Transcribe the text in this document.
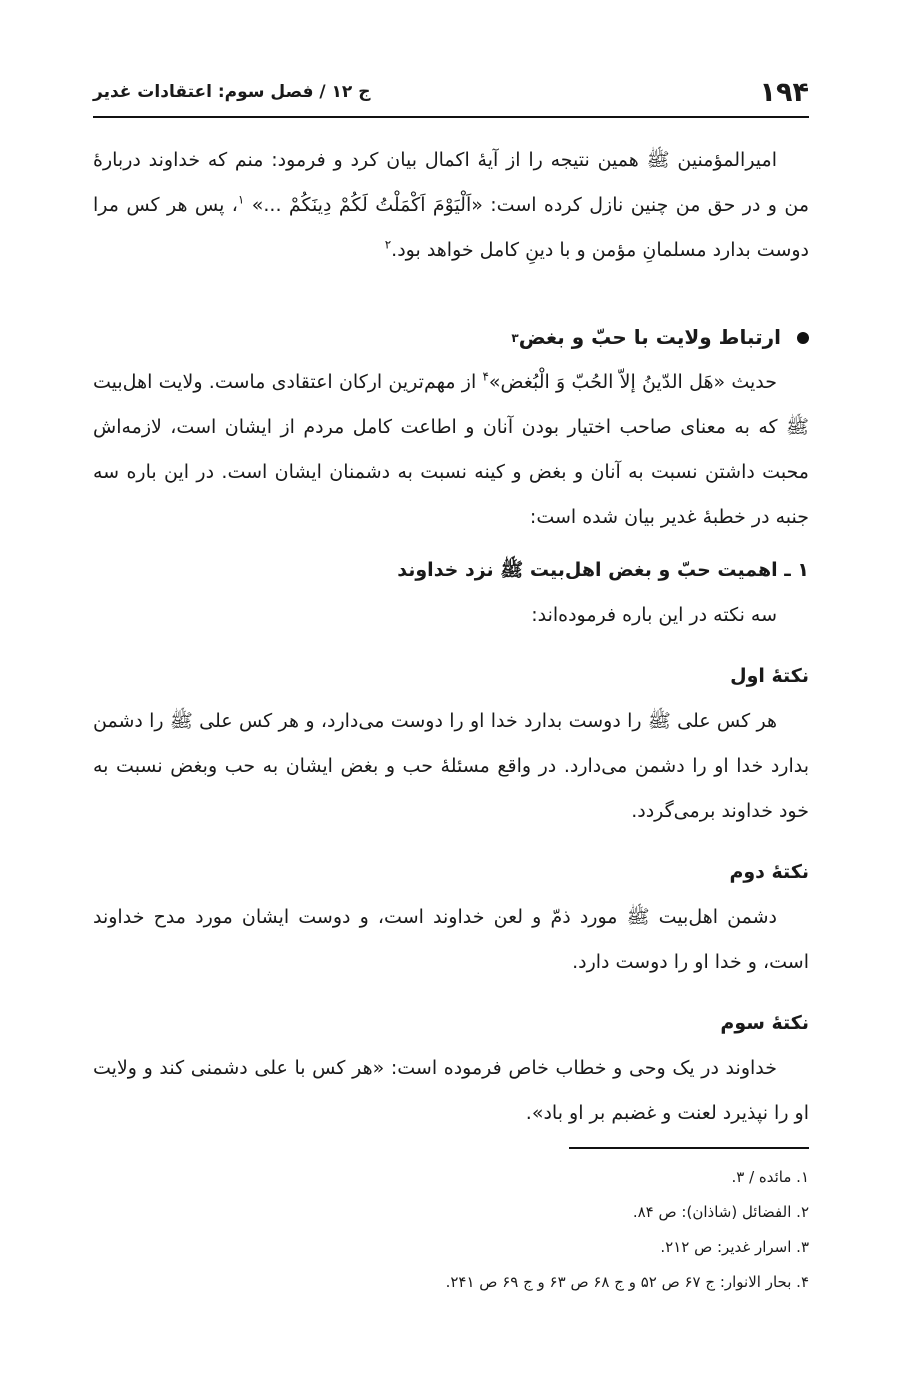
۱۹۴
ج ۱۲ / فصل سوم: اعتقادات غدیر

امیرالمؤمنین ﷺ همین نتیجه را از آیهٔ اکمال بیان کرد و فرمود: منم که خداوند دربارهٔ من و در حق من چنین نازل کرده است: «اَلْیَوْمَ اَکْمَلْتُ لَکُمْ دِینَکُمْ ...» $^۱$، پس هر کس مرا دوست بدارد مسلمانِ مؤمن و با دینِ کامل خواهد بود.$^۲$

ارتباط ولایت با حبّ و بغض
۳

حدیث «هَل الدّینُ إلاّ الحُبّ وَ الْبُغض»$^۴$ از مهم‌ترین ارکان اعتقادی ماست. ولایت اهل‌بیت ﷺ که به معنای صاحب اختیار بودن آنان و اطاعت کامل مردم از ایشان است، لازمه‌اش محبت داشتن نسبت به آنان و بغض و کینه نسبت به دشمنان ایشان است. در این باره سه جنبه در خطبهٔ غدیر بیان شده است:

۱ ـ اهمیت حبّ و بغض اهل‌بیت ﷺ نزد خداوند

سه نکته در این باره فرموده‌اند:

نکتهٔ اول

هر کس علی ﷺ را دوست بدارد خدا او را دوست می‌دارد، و هر کس علی ﷺ را دشمن بدارد خدا او را دشمن می‌دارد. در واقع مسئلهٔ حب و بغض ایشان به حب وبغض نسبت به خود خداوند برمی‌گردد.

نکتهٔ دوم

دشمن اهل‌بیت ﷺ مورد ذمّ و لعن خداوند است، و دوست ایشان مورد مدح خداوند است، و خدا او را دوست دارد.

نکتهٔ سوم

خداوند در یک وحی و خطاب خاص فرموده است: «هر کس با علی دشمنی کند و ولایت او را نپذیرد لعنت و غضبم بر او باد».

۱. مائده / ۳.
۲. الفضائل (شاذان): ص ۸۴.
۳. اسرار غدیر: ص ۲۱۲.
۴. بحار الانوار: ج ۶۷ ص ۵۲ و ج ۶۸ ص ۶۳ و ج ۶۹ ص ۲۴۱.
